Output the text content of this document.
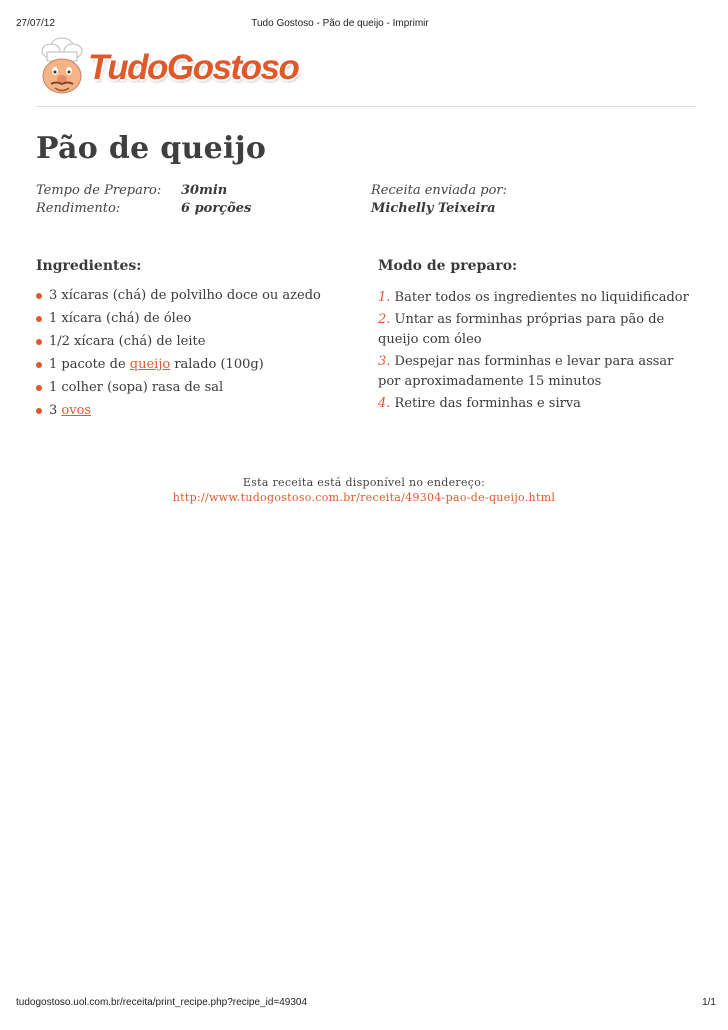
27/07/12	Tudo Gostoso - Pão de queijo - Imprimir
TudoGostoso
Pão de queijo
Tempo de Preparo: 30min
Rendimento:	6 porções
Receita enviada por:
Michelly Teixeira
Ingredientes:
3 xícaras (chá) de polvilho doce ou azedo
1 xícara (chá) de óleo
1/2 xícara (chá) de leite
1 pacote de queijo ralado (100g)
1 colher (sopa) rasa de sal
3 ovos
Modo de preparo:
1. Bater todos os ingredientes no liquidificador
2. Untar as forminhas próprias para pão de queijo com óleo
3. Despejar nas forminhas e levar para assar por aproximadamente 15 minutos
4. Retire das forminhas e sirva
Esta receita está disponível no endereço:
http://www.tudogostoso.com.br/receita/49304-pao-de-queijo.html
tudogostoso.uol.com.br/receita/print_recipe.php?recipe_id=49304	1/1
